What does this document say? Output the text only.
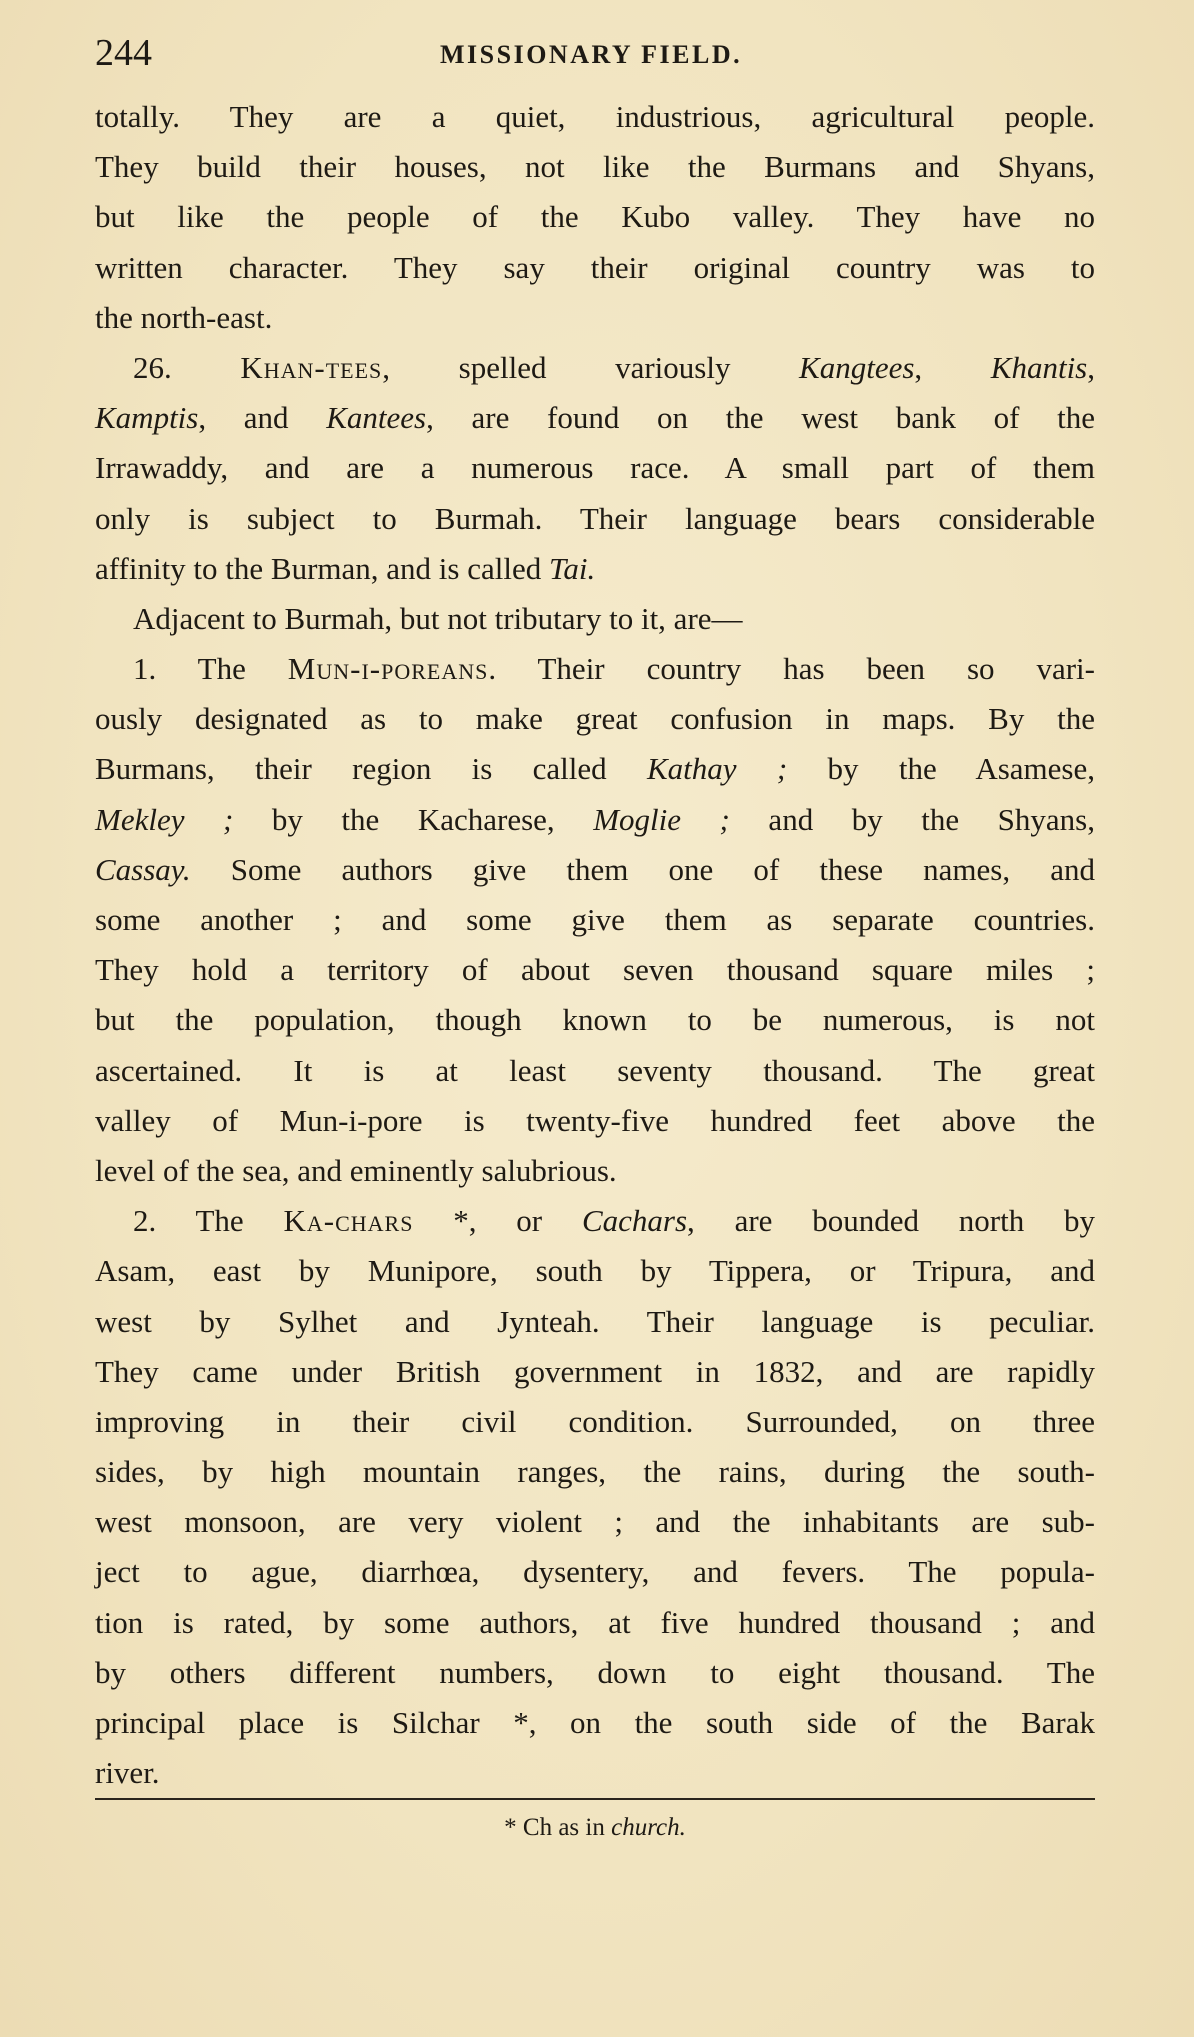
244	MISSIONARY FIELD.
totally. They are a quiet, industrious, agricultural people.
They build their houses, not like the Burmans and Shyans,
but like the people of the Kubo valley. They have no
written character. They say their original country was to
the north-east.
26. Khan-tees, spelled variously Kangtees, Khantis,
Kamptis, and Kantees, are found on the west bank of the
Irrawaddy, and are a numerous race. A small part of them
only is subject to Burmah. Their language bears considerable
affinity to the Burman, and is called Tai.
Adjacent to Burmah, but not tributary to it, are—
1. The Mun-i-poreans. Their country has been so vari-
ously designated as to make great confusion in maps. By the
Burmans, their region is called Kathay ; by the Asamese,
Mekley ; by the Kacharese, Moglie ; and by the Shyans,
Cassay. Some authors give them one of these names, and
some another ; and some give them as separate countries.
They hold a territory of about seven thousand square miles ;
but the population, though known to be numerous, is not
ascertained. It is at least seventy thousand. The great
valley of Mun-i-pore is twenty-five hundred feet above the
level of the sea, and eminently salubrious.
2. The Ka-chars *, or Cachars, are bounded north by
Asam, east by Munipore, south by Tippera, or Tripura, and
west by Sylhet and Jynteah. Their language is peculiar.
They came under British government in 1832, and are rapidly
improving in their civil condition. Surrounded, on three
sides, by high mountain ranges, the rains, during the south-
west monsoon, are very violent ; and the inhabitants are sub-
ject to ague, diarrhœa, dysentery, and fevers. The popula-
tion is rated, by some authors, at five hundred thousand ; and
by others different numbers, down to eight thousand. The
principal place is Silchar *, on the south side of the Barak
river.
* Ch as in church.
